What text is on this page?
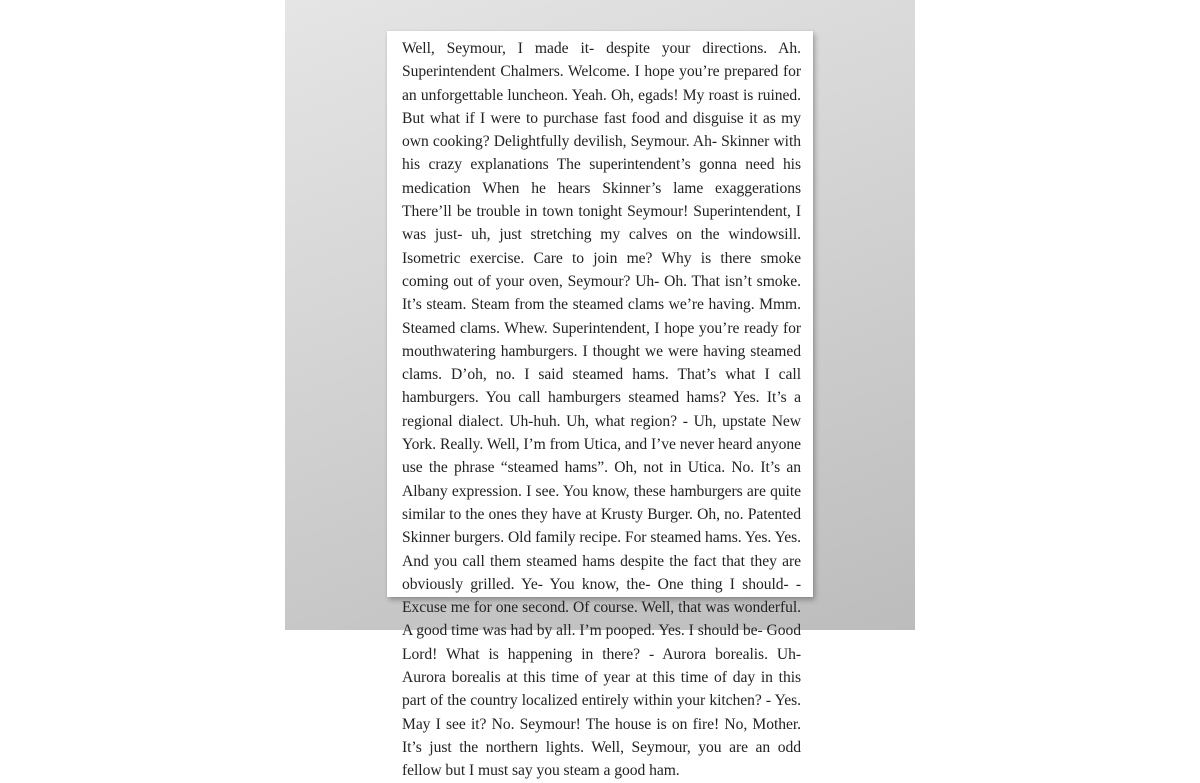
Well, Seymour, I made it- despite your directions. Ah. Superintendent Chalmers. Welcome. I hope you’re prepared for an unforgettable luncheon. Yeah. Oh, egads! My roast is ruined. But what if I were to purchase fast food and disguise it as my own cooking? Delightfully devilish, Seymour. Ah- Skinner with his crazy explanations The superintendent’s gonna need his medication When he hears Skinner’s lame exaggerations There’ll be trouble in town tonight Seymour! Superintendent, I was just- uh, just stretching my calves on the windowsill. Isometric exercise. Care to join me? Why is there smoke coming out of your oven, Seymour? Uh- Oh. That isn’t smoke. It’s steam. Steam from the steamed clams we’re having. Mmm. Steamed clams. Whew. Superintendent, I hope you’re ready for mouthwatering hamburgers. I thought we were having steamed clams. D’oh, no. I said steamed hams. That’s what I call hamburgers. You call hamburgers steamed hams? Yes. It’s a regional dialect. Uh-huh. Uh, what region? - Uh, upstate New York. Really. Well, I’m from Utica, and I’ve never heard anyone use the phrase “steamed hams”. Oh, not in Utica. No. It’s an Albany expression. I see. You know, these hamburgers are quite similar to the ones they have at Krusty Burger. Oh, no. Patented Skinner burgers. Old family recipe. For steamed hams. Yes. Yes. And you call them steamed hams despite the fact that they are obviously grilled. Ye- You know, the- One thing I should- - Excuse me for one second. Of course. Well, that was wonderful. A good time was had by all. I’m pooped. Yes. I should be- Good Lord! What is happening in there? - Aurora borealis. Uh- Aurora borealis at this time of year at this time of day in this part of the country localized entirely within your kitchen? - Yes. May I see it? No. Seymour! The house is on fire! No, Mother. It’s just the northern lights. Well, Seymour, you are an odd fellow but I must say you steam a good ham.
